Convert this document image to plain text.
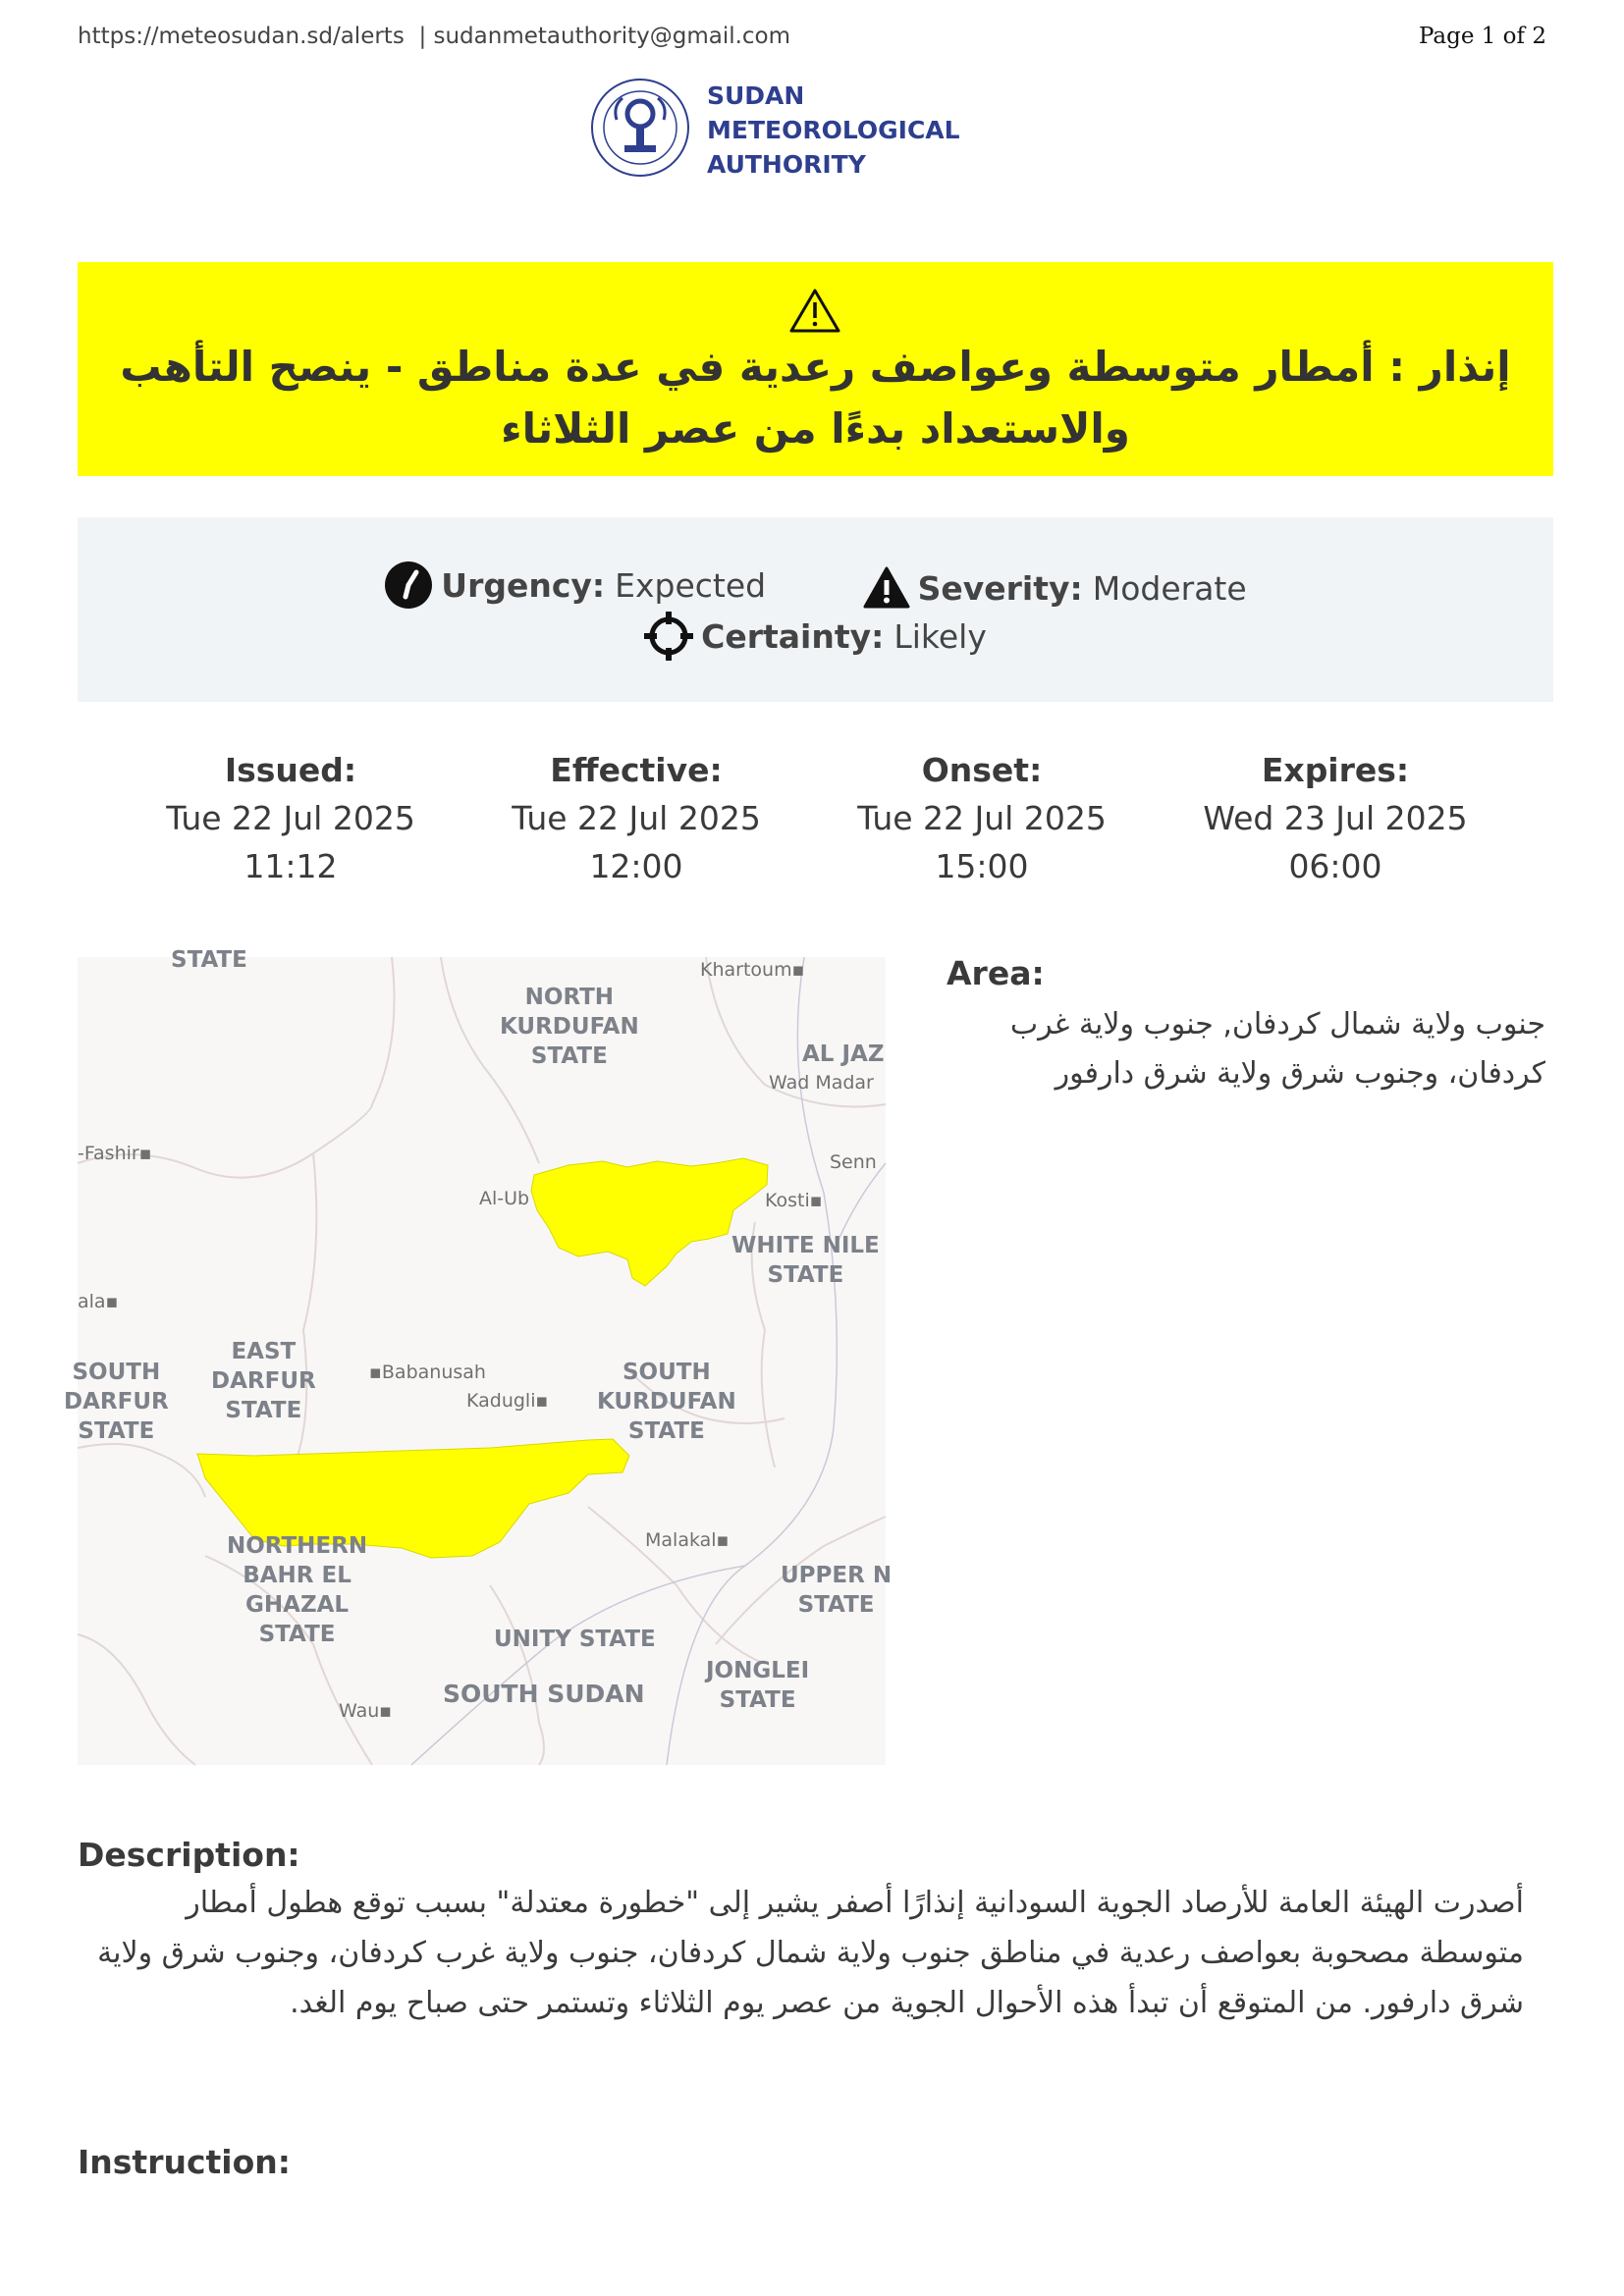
https://meteosudan.sd/alerts | sudanmetauthority@gmail.com	Page 1 of 2
SUDAN
METEOROLOGICAL
AUTHORITY
إنذار : أمطار متوسطة وعواصف رعدية في عدة مناطق - ينصح التأهب والاستعداد بدءًا من عصر الثلاثاء
Urgency: Expected
	Severity: Moderate
Certainty: Likely
Issued:
Tue 22 Jul 2025
11:12
Effective:
Tue 22 Jul 2025
12:00
Onset:
Tue 22 Jul 2025
15:00
Expires:
Wed 23 Jul 2025
06:00
STATE
NORTH
KURDUFAN
STATE	AL JAZ
WHITE NILE
STATE
EAST
DARFUR
STATE
SOUTH
DARFUR
STATE
SOUTH
KURDUFAN
STATE
NORTHERN
BAHR EL
GHAZAL
STATE
UPPER N
STATE
UNITY STATE
SOUTH SUDAN
JONGLEI
STATE
Khartoum▪
Wad Madar
-Fashir▪	Senn
Al-Ub	Kosti▪
ala▪
▪Babanusah
Kadugli▪
Malakal▪
Wau▪
Area:
جنوب ولاية شمال كردفان, جنوب ولاية غرب كردفان، وجنوب شرق ولاية شرق دارفور
Description:
أصدرت الهيئة العامة للأرصاد الجوية السودانية إنذارًا أصفر يشير إلى "خطورة معتدلة" بسبب توقع هطول أمطار متوسطة مصحوبة بعواصف رعدية في مناطق جنوب ولاية شمال كردفان، جنوب ولاية غرب كردفان، وجنوب شرق ولاية شرق دارفور. من المتوقع أن تبدأ هذه الأحوال الجوية من عصر يوم الثلاثاء وتستمر حتى صباح يوم الغد.
Instruction:
